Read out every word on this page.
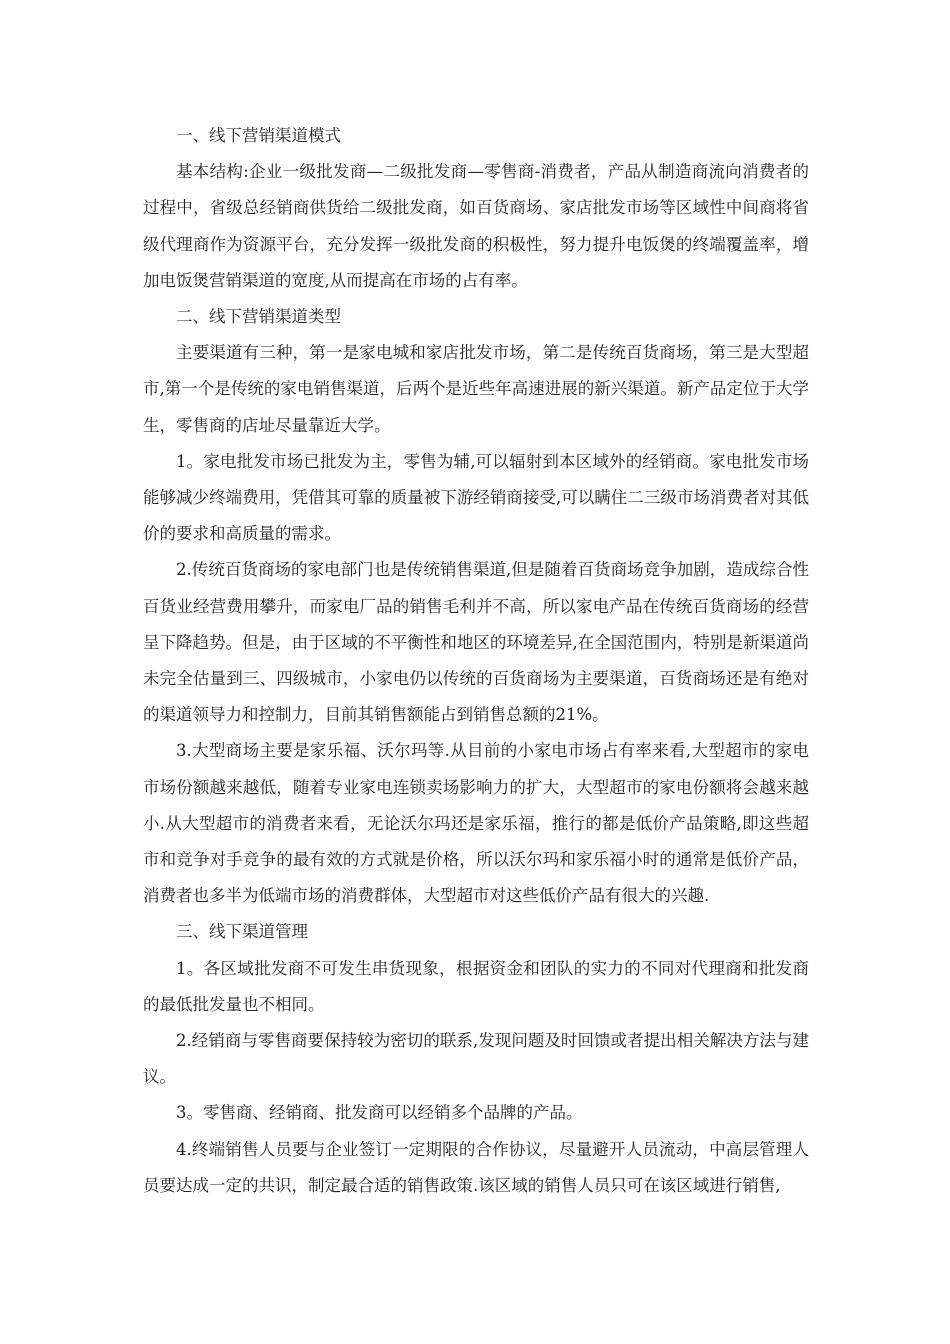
一、线下营销渠道模式

基本结构:企业一级批发商—二级批发商—零售商-消费者，产品从制造商流向消费者的过程中，省级总经销商供货给二级批发商，如百货商场、家店批发市场等区域性中间商将省级代理商作为资源平台，充分发挥一级批发商的积极性，努力提升电饭煲的终端覆盖率，增加电饭煲营销渠道的宽度,从而提高在市场的占有率。

二、线下营销渠道类型

主要渠道有三种，第一是家电城和家店批发市场，第二是传统百货商场，第三是大型超市,第一个是传统的家电销售渠道，后两个是近些年高速进展的新兴渠道。新产品定位于大学生，零售商的店址尽量靠近大学。

1。家电批发市场已批发为主，零售为辅,可以辐射到本区域外的经销商。家电批发市场能够减少终端费用，凭借其可靠的质量被下游经销商接受,可以瞒住二三级市场消费者对其低价的要求和高质量的需求。

2.传统百货商场的家电部门也是传统销售渠道,但是随着百货商场竞争加剧，造成综合性百货业经营费用攀升，而家电厂品的销售毛利并不高，所以家电产品在传统百货商场的经营呈下降趋势。但是，由于区域的不平衡性和地区的环境差异,在全国范围内，特别是新渠道尚未完全估量到三、四级城市，小家电仍以传统的百货商场为主要渠道，百货商场还是有绝对的渠道领导力和控制力，目前其销售额能占到销售总额的21%。

3.大型商场主要是家乐福、沃尔玛等.从目前的小家电市场占有率来看,大型超市的家电市场份额越来越低，随着专业家电连锁卖场影响力的扩大，大型超市的家电份额将会越来越小.从大型超市的消费者来看，无论沃尔玛还是家乐福，推行的都是低价产品策略,即这些超市和竞争对手竞争的最有效的方式就是价格，所以沃尔玛和家乐福小时的通常是低价产品，消费者也多半为低端市场的消费群体，大型超市对这些低价产品有很大的兴趣.

三、线下渠道管理

1。各区域批发商不可发生串货现象，根据资金和团队的实力的不同对代理商和批发商的最低批发量也不相同。

2.经销商与零售商要保持较为密切的联系,发现问题及时回馈或者提出相关解决方法与建议。

3。零售商、经销商、批发商可以经销多个品牌的产品。

4.终端销售人员要与企业签订一定期限的合作协议，尽量避开人员流动，中高层管理人员要达成一定的共识，制定最合适的销售政策.该区域的销售人员只可在该区域进行销售,
